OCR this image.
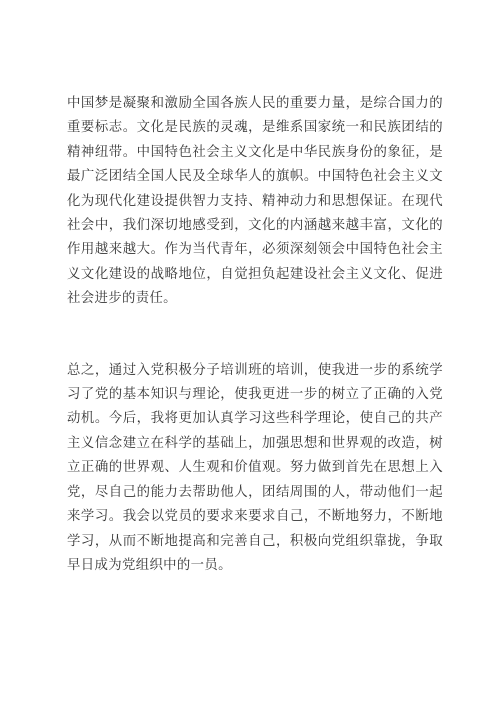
中国梦是凝聚和激励全国各族人民的重要力量，是综合国力的重要标志。文化是民族的灵魂，是维系国家统一和民族团结的精神纽带。中国特色社会主义文化是中华民族身份的象征，是最广泛团结全国人民及全球华人的旗帜。中国特色社会主义文化为现代化建设提供智力支持、精神动力和思想保证。在现代社会中，我们深切地感受到，文化的内涵越来越丰富，文化的作用越来越大。作为当代青年，必须深刻领会中国特色社会主义文化建设的战略地位，自觉担负起建设社会主义文化、促进社会进步的责任。

总之，通过入党积极分子培训班的培训，使我进一步的系统学习了党的基本知识与理论，使我更进一步的树立了正确的入党动机。今后，我将更加认真学习这些科学理论，使自己的共产主义信念建立在科学的基础上，加强思想和世界观的改造，树立正确的世界观、人生观和价值观。努力做到首先在思想上入党，尽自己的能力去帮助他人，团结周围的人，带动他们一起来学习。我会以党员的要求来要求自己，不断地努力，不断地学习，从而不断地提高和完善自己，积极向党组织靠拢，争取早日成为党组织中的一员。
